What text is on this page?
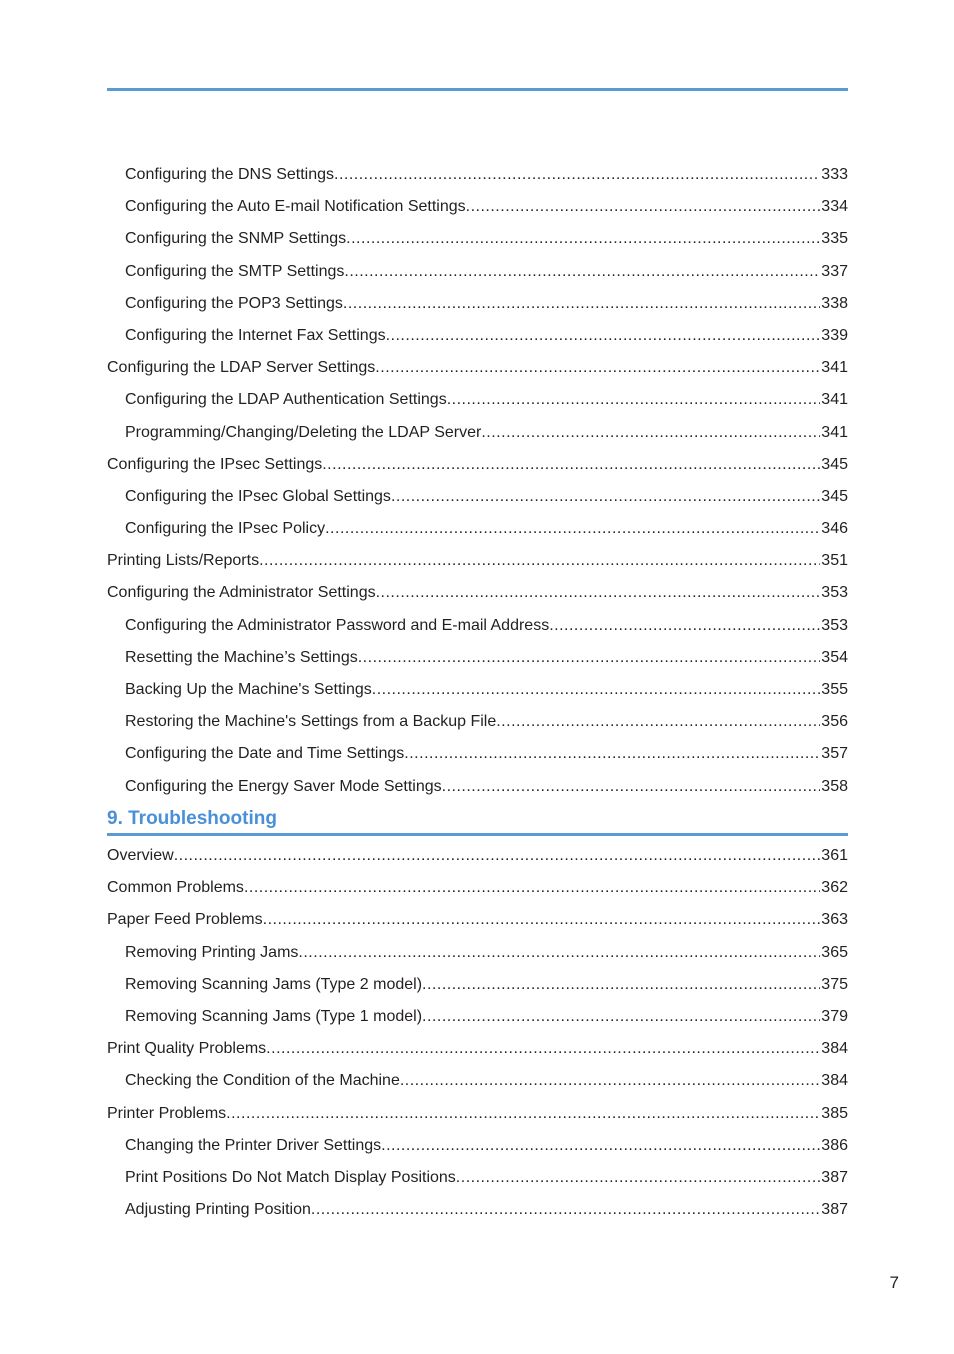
Configuring the DNS Settings .....	333
Configuring the Auto E-mail Notification Settings .....	334
Configuring the SNMP Settings .....	335
Configuring the SMTP Settings .....	337
Configuring the POP3 Settings .....	338
Configuring the Internet Fax Settings .....	339
Configuring the LDAP Server Settings .....	341
Configuring the LDAP Authentication Settings .....	341
Programming/Changing/Deleting the LDAP Server .....	341
Configuring the IPsec Settings .....	345
Configuring the IPsec Global Settings .....	345
Configuring the IPsec Policy .....	346
Printing Lists/Reports .....	351
Configuring the Administrator Settings .....	353
Configuring the Administrator Password and E-mail Address .....	353
Resetting the Machine’s Settings .....	354
Backing Up the Machine's Settings .....	355
Restoring the Machine's Settings from a Backup File .....	356
Configuring the Date and Time Settings .....	357
Configuring the Energy Saver Mode Settings .....	358
9. Troubleshooting
Overview .....	361
Common Problems .....	362
Paper Feed Problems .....	363
Removing Printing Jams .....	365
Removing Scanning Jams (Type 2 model) .....	375
Removing Scanning Jams (Type 1 model) .....	379
Print Quality Problems .....	384
Checking the Condition of the Machine .....	384
Printer Problems .....	385
Changing the Printer Driver Settings .....	386
Print Positions Do Not Match Display Positions .....	387
Adjusting Printing Position .....	387
7
